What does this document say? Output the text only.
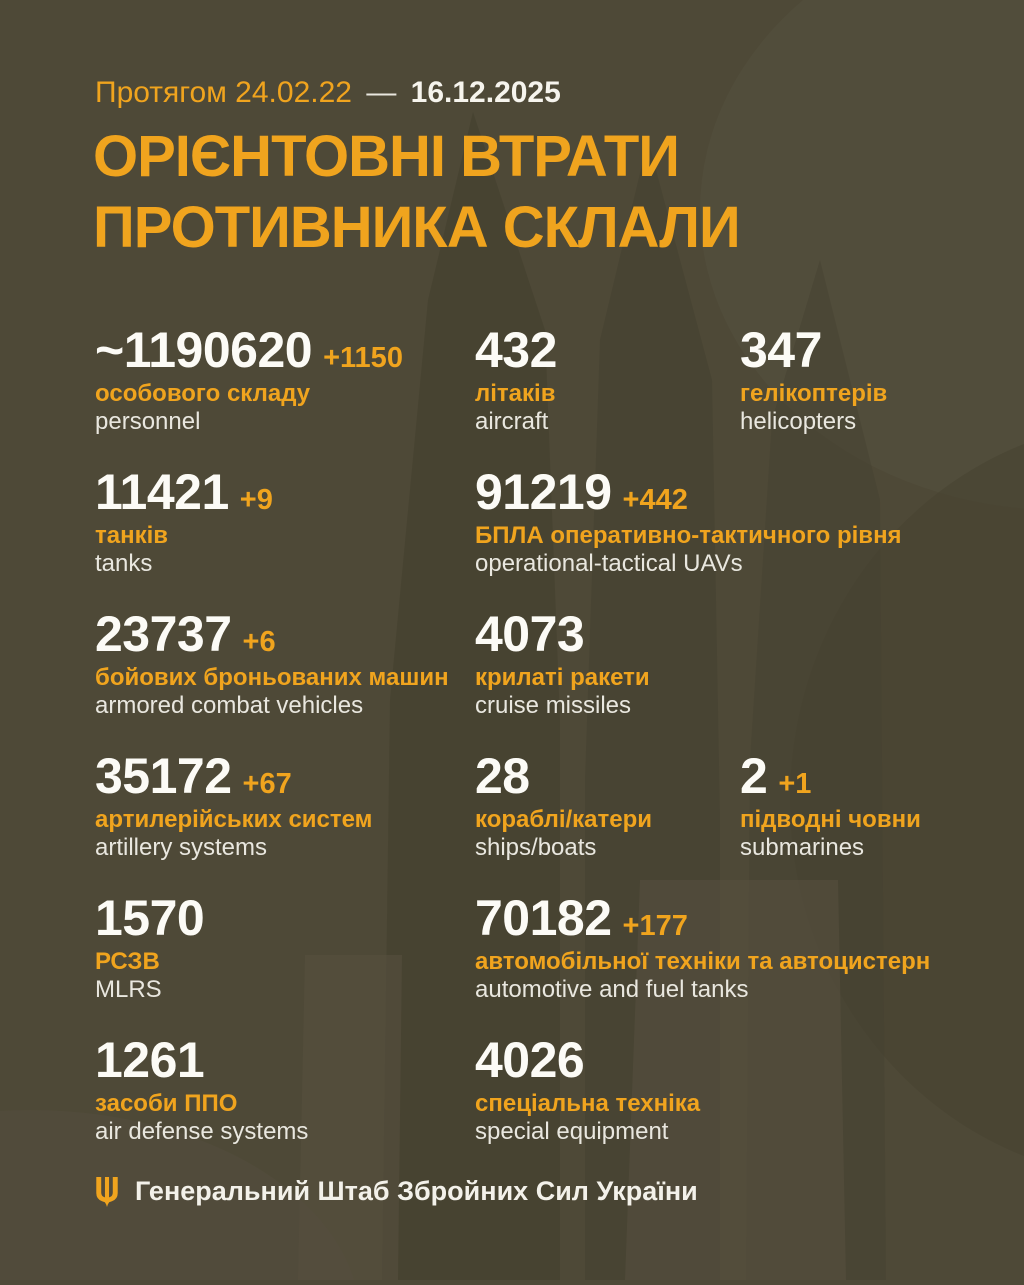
Протягом 24.02.22 — 16.12.2025
ОРІЄНТОВНІ ВТРАТИ
ПРОТИВНИКА СКЛАЛИ
~1190620 +1150
особового складу
personnel
432
літаків
aircraft
347
гелікоптерів
helicopters
11421 +9
танків
tanks
91219 +442
БПЛА оперативно-тактичного рівня
operational-tactical UAVs
23737 +6
бойових броньованих машин
armored combat vehicles
4073
крилаті ракети
cruise missiles
35172 +67
артилерійських систем
artillery systems
28
кораблі/катери
ships/boats
2 +1
підводні човни
submarines
1570
РСЗВ
MLRS
70182 +177
автомобільної техніки та автоцистерн
automotive and fuel tanks
1261
засоби ППО
air defense systems
4026
спеціальна техніка
special equipment
Генеральний Штаб Збройних Сил України
